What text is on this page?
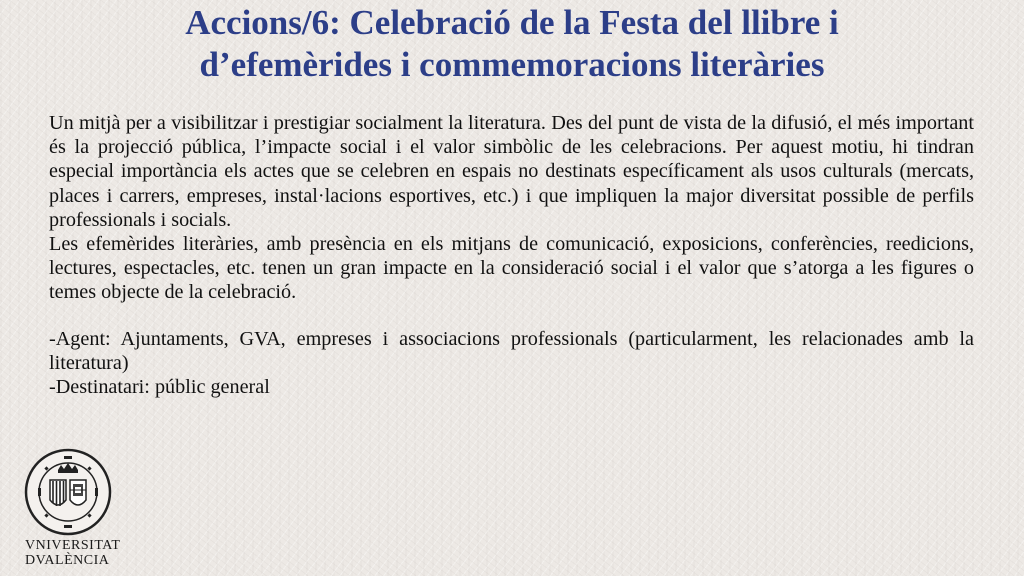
Accions/6: Celebració de la Festa del llibre i
d’efemèrides i commemoracions literàries

Un mitjà per a visibilitzar i prestigiar socialment la literatura. Des del punt de vista de la difusió, el més important és la projecció pública, l’impacte social i el valor simbòlic de les celebracions. Per aquest motiu, hi tindran especial importància els actes que se celebren en espais no destinats específicament als usos culturals (mercats, places i carrers, empreses, instal·lacions esportives, etc.) i que impliquen la major diversitat possible de perfils professionals i socials.

Les efemèrides literàries, amb presència en els mitjans de comunicació, exposicions, conferències, reedicions, lectures, espectacles, etc. tenen un gran impacte en la consideració social i el valor que s’atorga a les figures o temes objecte de la celebració.

-Agent: Ajuntaments, GVA, empreses i associacions professionals (particularment, les relacionades amb la literatura)

-Destinatari: públic general

VNIVERSITAT
DVALÈNCIA
